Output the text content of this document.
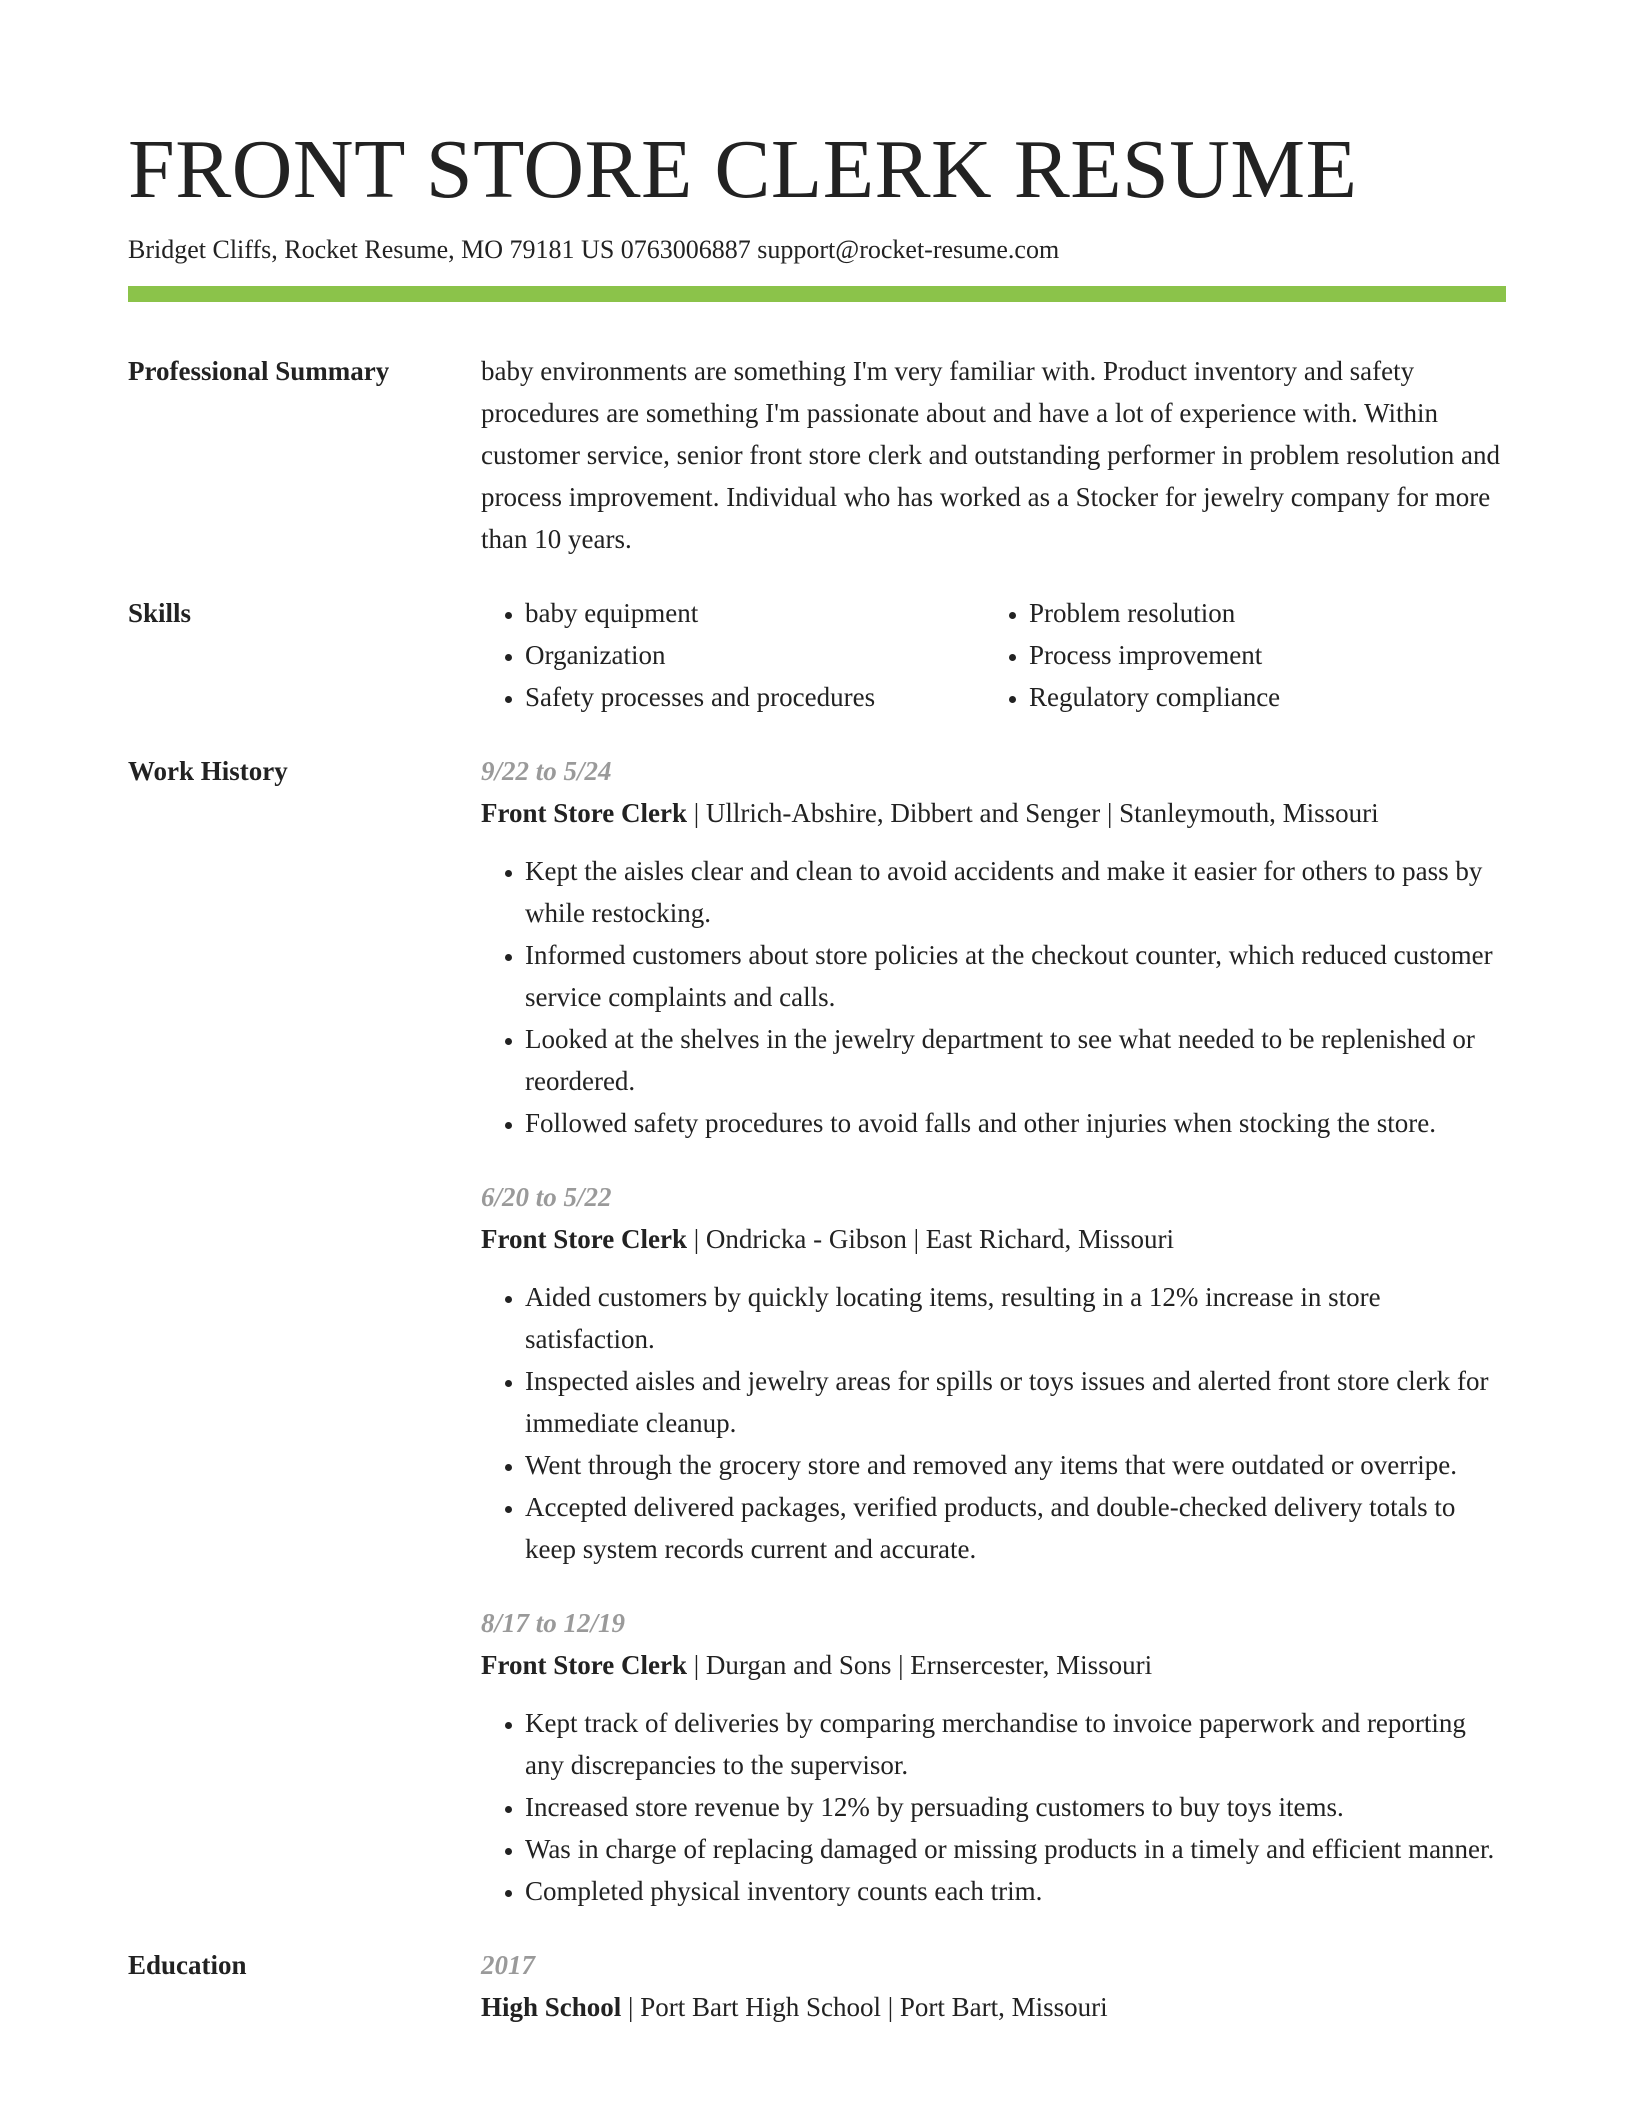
FRONT STORE CLERK RESUME
Bridget Cliffs, Rocket Resume, MO 79181 US 0763006887 support@rocket-resume.com
Professional Summary	baby environments are something I'm very familiar with. Product inventory and safety procedures are something I'm passionate about and have a lot of experience with. Within customer service, senior front store clerk and outstanding performer in problem resolution and process improvement. Individual who has worked as a Stocker for jewelry company for more than 10 years.
Skills
•	baby equipment
• Organization
• Safety processes and procedures
• Problem resolution
• Process improvement
• Regulatory compliance
Work History	9/22 to 5/24
Front Store Clerk | Ullrich-Abshire, Dibbert and Senger | Stanleymouth, Missouri
• Kept the aisles clear and clean to avoid accidents and make it easier for others to pass by while restocking.
• Informed customers about store policies at the checkout counter, which reduced customer service complaints and calls.
• Looked at the shelves in the jewelry department to see what needed to be replenished or reordered.
• Followed safety procedures to avoid falls and other injuries when stocking the store.
6/20 to 5/22
Front Store Clerk | Ondricka - Gibson | East Richard, Missouri
• Aided customers by quickly locating items, resulting in a 12% increase in store satisfaction.
• Inspected aisles and jewelry areas for spills or toys issues and alerted front store clerk for immediate cleanup.
• Went through the grocery store and removed any items that were outdated or overripe.
• Accepted delivered packages, verified products, and double-checked delivery totals to keep system records current and accurate.
8/17 to 12/19
Front Store Clerk | Durgan and Sons | Ernsercester, Missouri
• Kept track of deliveries by comparing merchandise to invoice paperwork and reporting any discrepancies to the supervisor.
• Increased store revenue by 12% by persuading customers to buy toys items.
• Was in charge of replacing damaged or missing products in a timely and efficient manner.
• Completed physical inventory counts each trim.
Education	2017
High School | Port Bart High School | Port Bart, Missouri
